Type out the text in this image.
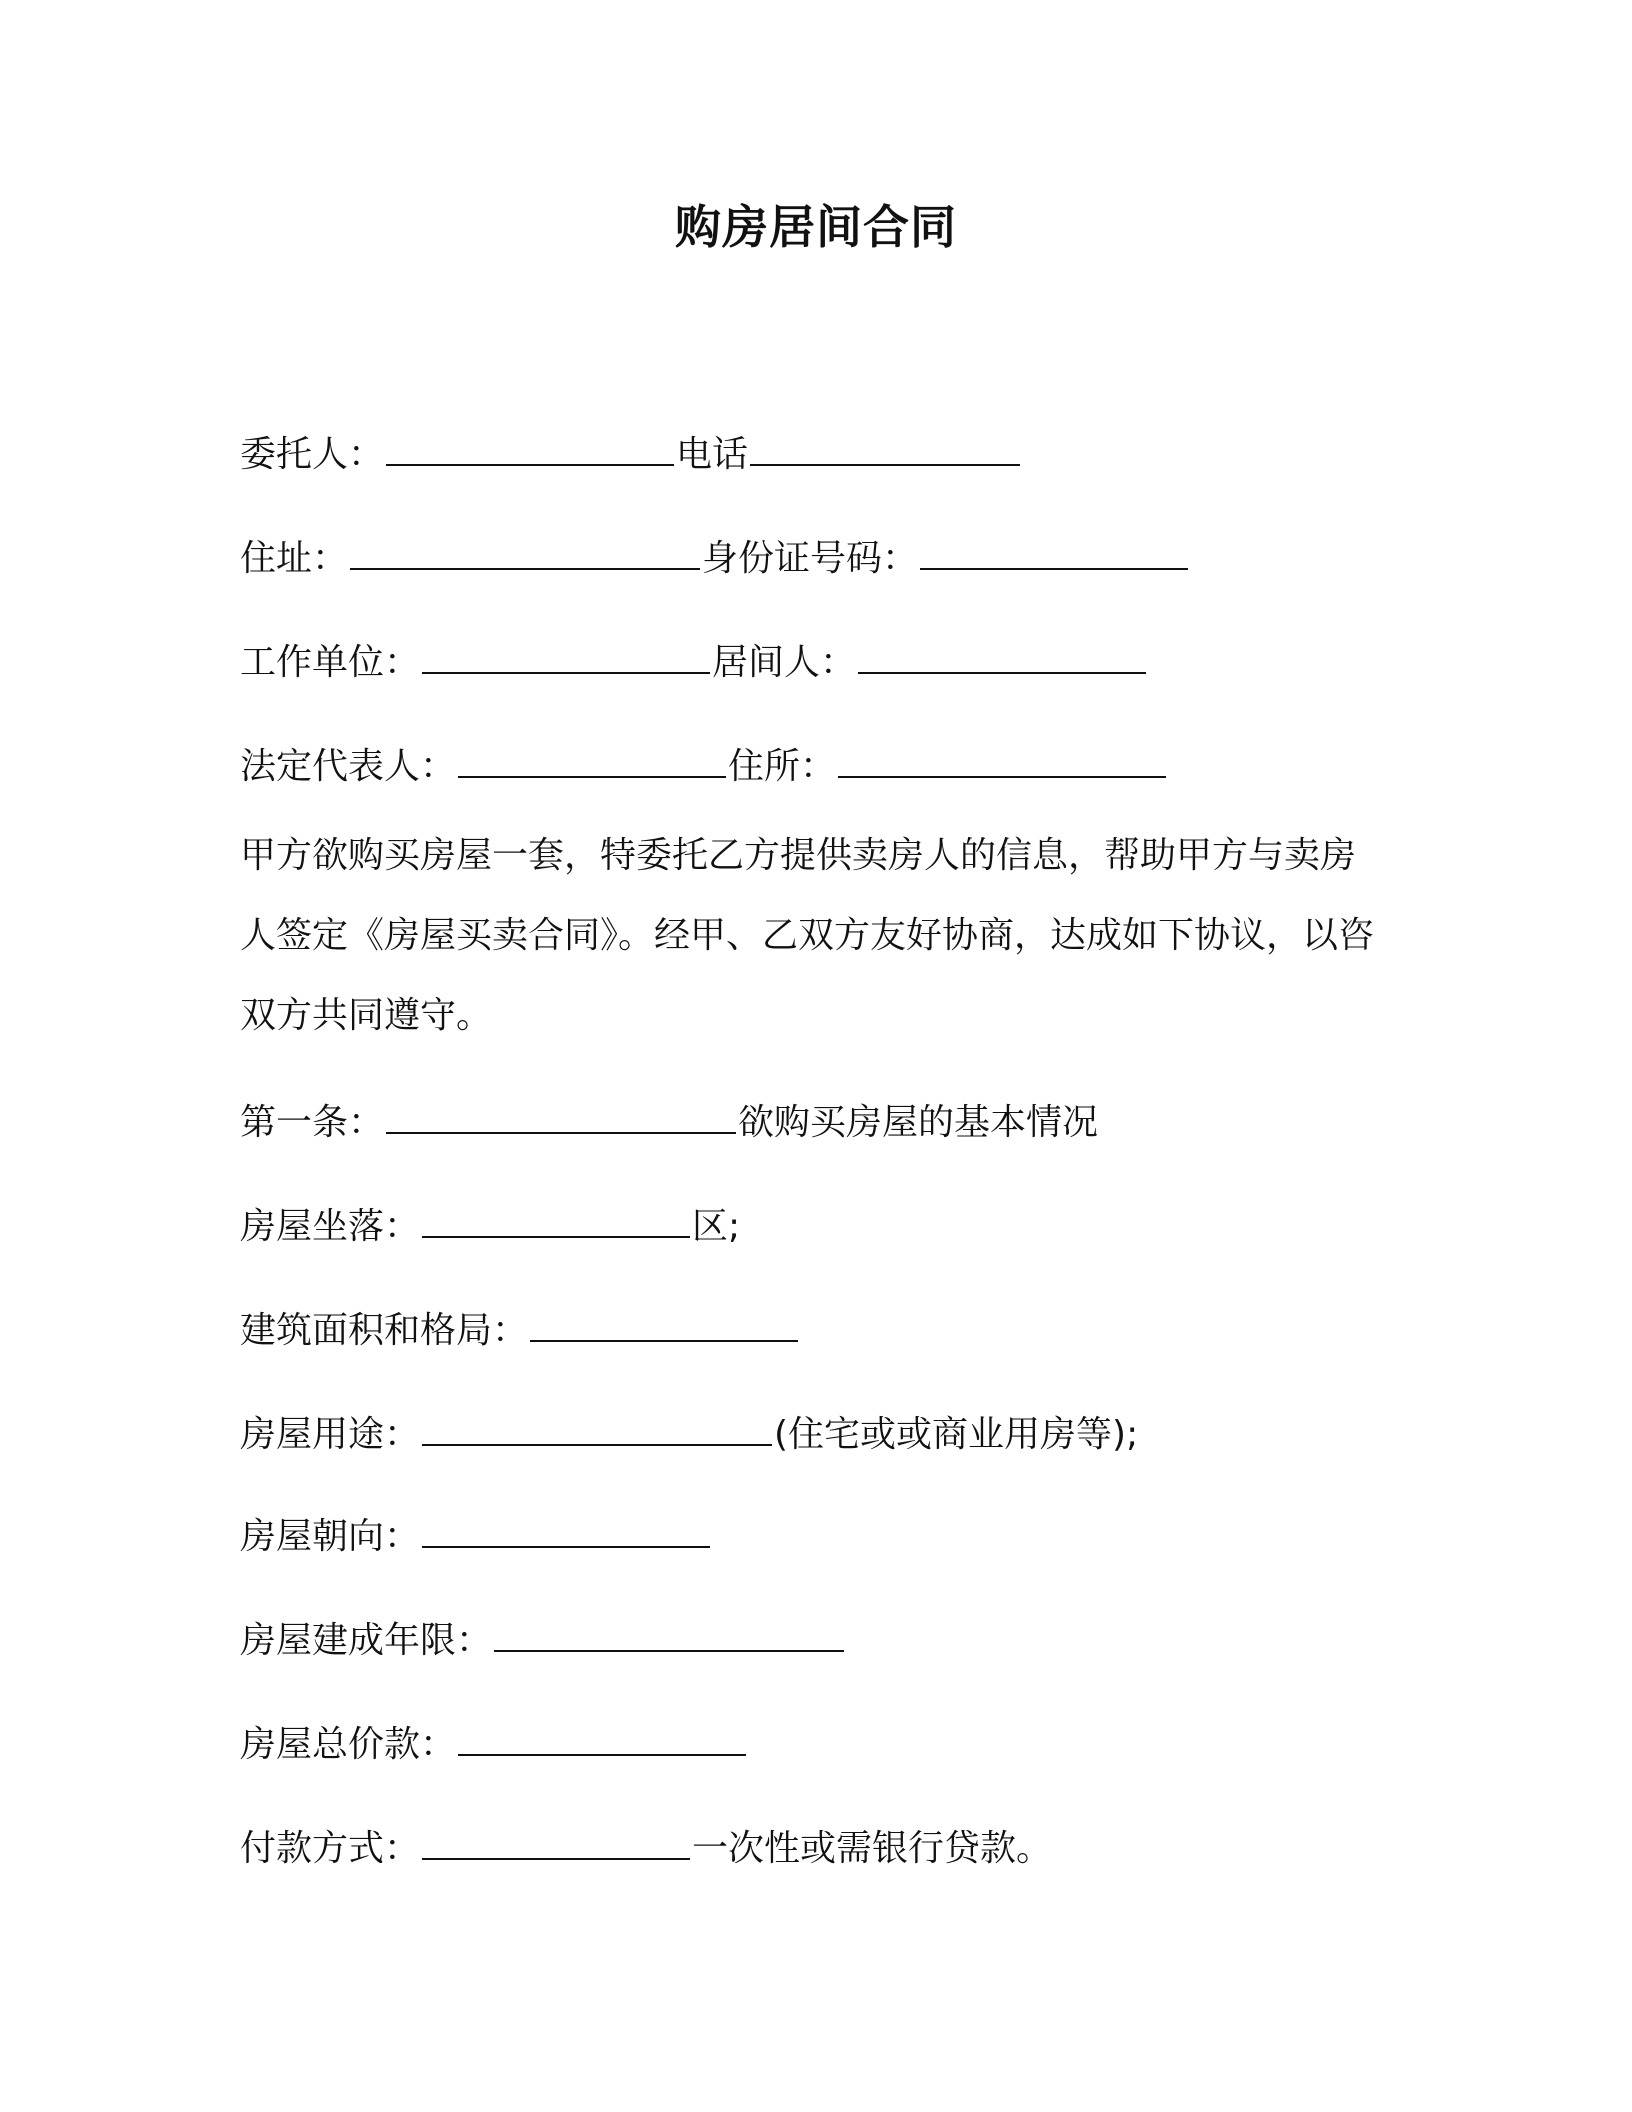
购房居间合同
委托人：	电话
住址：	身份证号码：
工作单位：	居间人：
法定代表人：	住所：
甲方欲购买房屋一套，特委托乙方提供卖房人的信息，帮助甲方与卖房人签定《房屋买卖合同》。经甲、乙双方友好协商，达成如下协议，以咨双方共同遵守。
第一条：	欲购买房屋的基本情况
房屋坐落：	区;
建筑面积和格局：
房屋用途：	(住宅或或商业用房等);
房屋朝向：
房屋建成年限：
房屋总价款：
付款方式：	一次性或需银行贷款。
